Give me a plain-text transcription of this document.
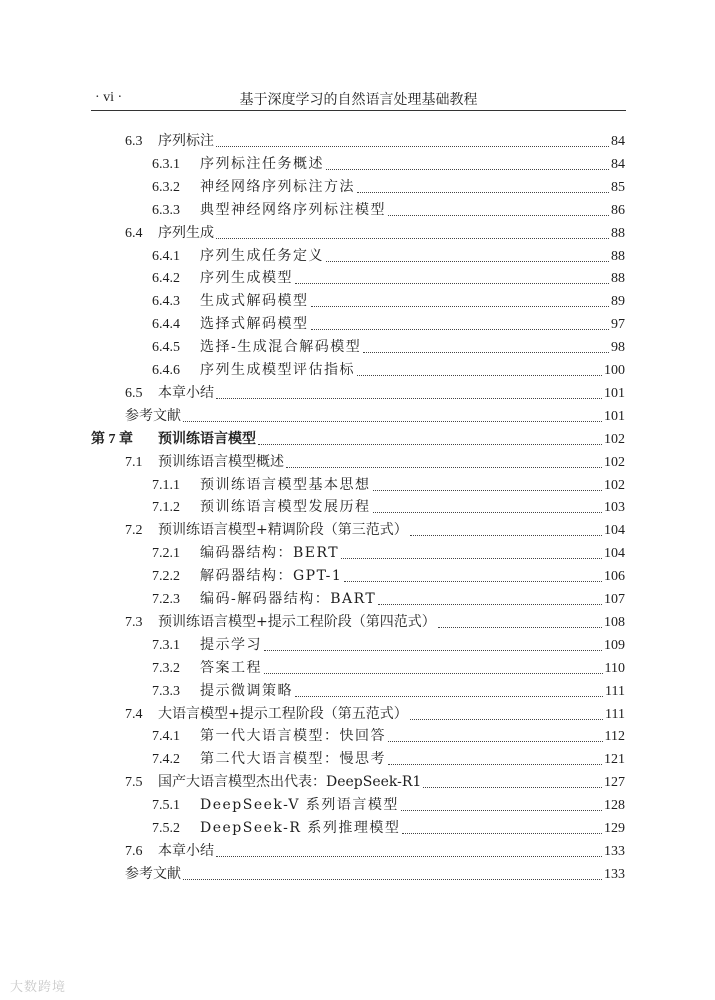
· vi ·	基于深度学习的自然语言处理基础教程
6.3	序列标注	84
6.3.1	序列标注任务概述	84
6.3.2	神经网络序列标注方法	85
6.3.3	典型神经网络序列标注模型	86
6.4	序列生成	88
6.4.1	序列生成任务定义	88
6.4.2	序列生成模型	88
6.4.3	生成式解码模型	89
6.4.4	选择式解码模型	97
6.4.5	选择-生成混合解码模型	98
6.4.6	序列生成模型评估指标	100
6.5	本章小结	101
参考文献	101
第 7 章	预训练语言模型	102
7.1	预训练语言模型概述	102
7.1.1	预训练语言模型基本思想	102
7.1.2	预训练语言模型发展历程	103
7.2	预训练语言模型+精调阶段（第三范式）	104
7.2.1	编码器结构：BERT	104
7.2.2	解码器结构：GPT-1	106
7.2.3	编码-解码器结构：BART	107
7.3	预训练语言模型+提示工程阶段（第四范式）	108
7.3.1	提示学习	109
7.3.2	答案工程	110
7.3.3	提示微调策略	111
7.4	大语言模型+提示工程阶段（第五范式）	111
7.4.1	第一代大语言模型：快回答	112
7.4.2	第二代大语言模型：慢思考	121
7.5	国产大语言模型杰出代表：DeepSeek-R1	127
7.5.1	DeepSeek-V 系列语言模型	128
7.5.2	DeepSeek-R 系列推理模型	129
7.6	本章小结	133
参考文献	133
大数跨境
